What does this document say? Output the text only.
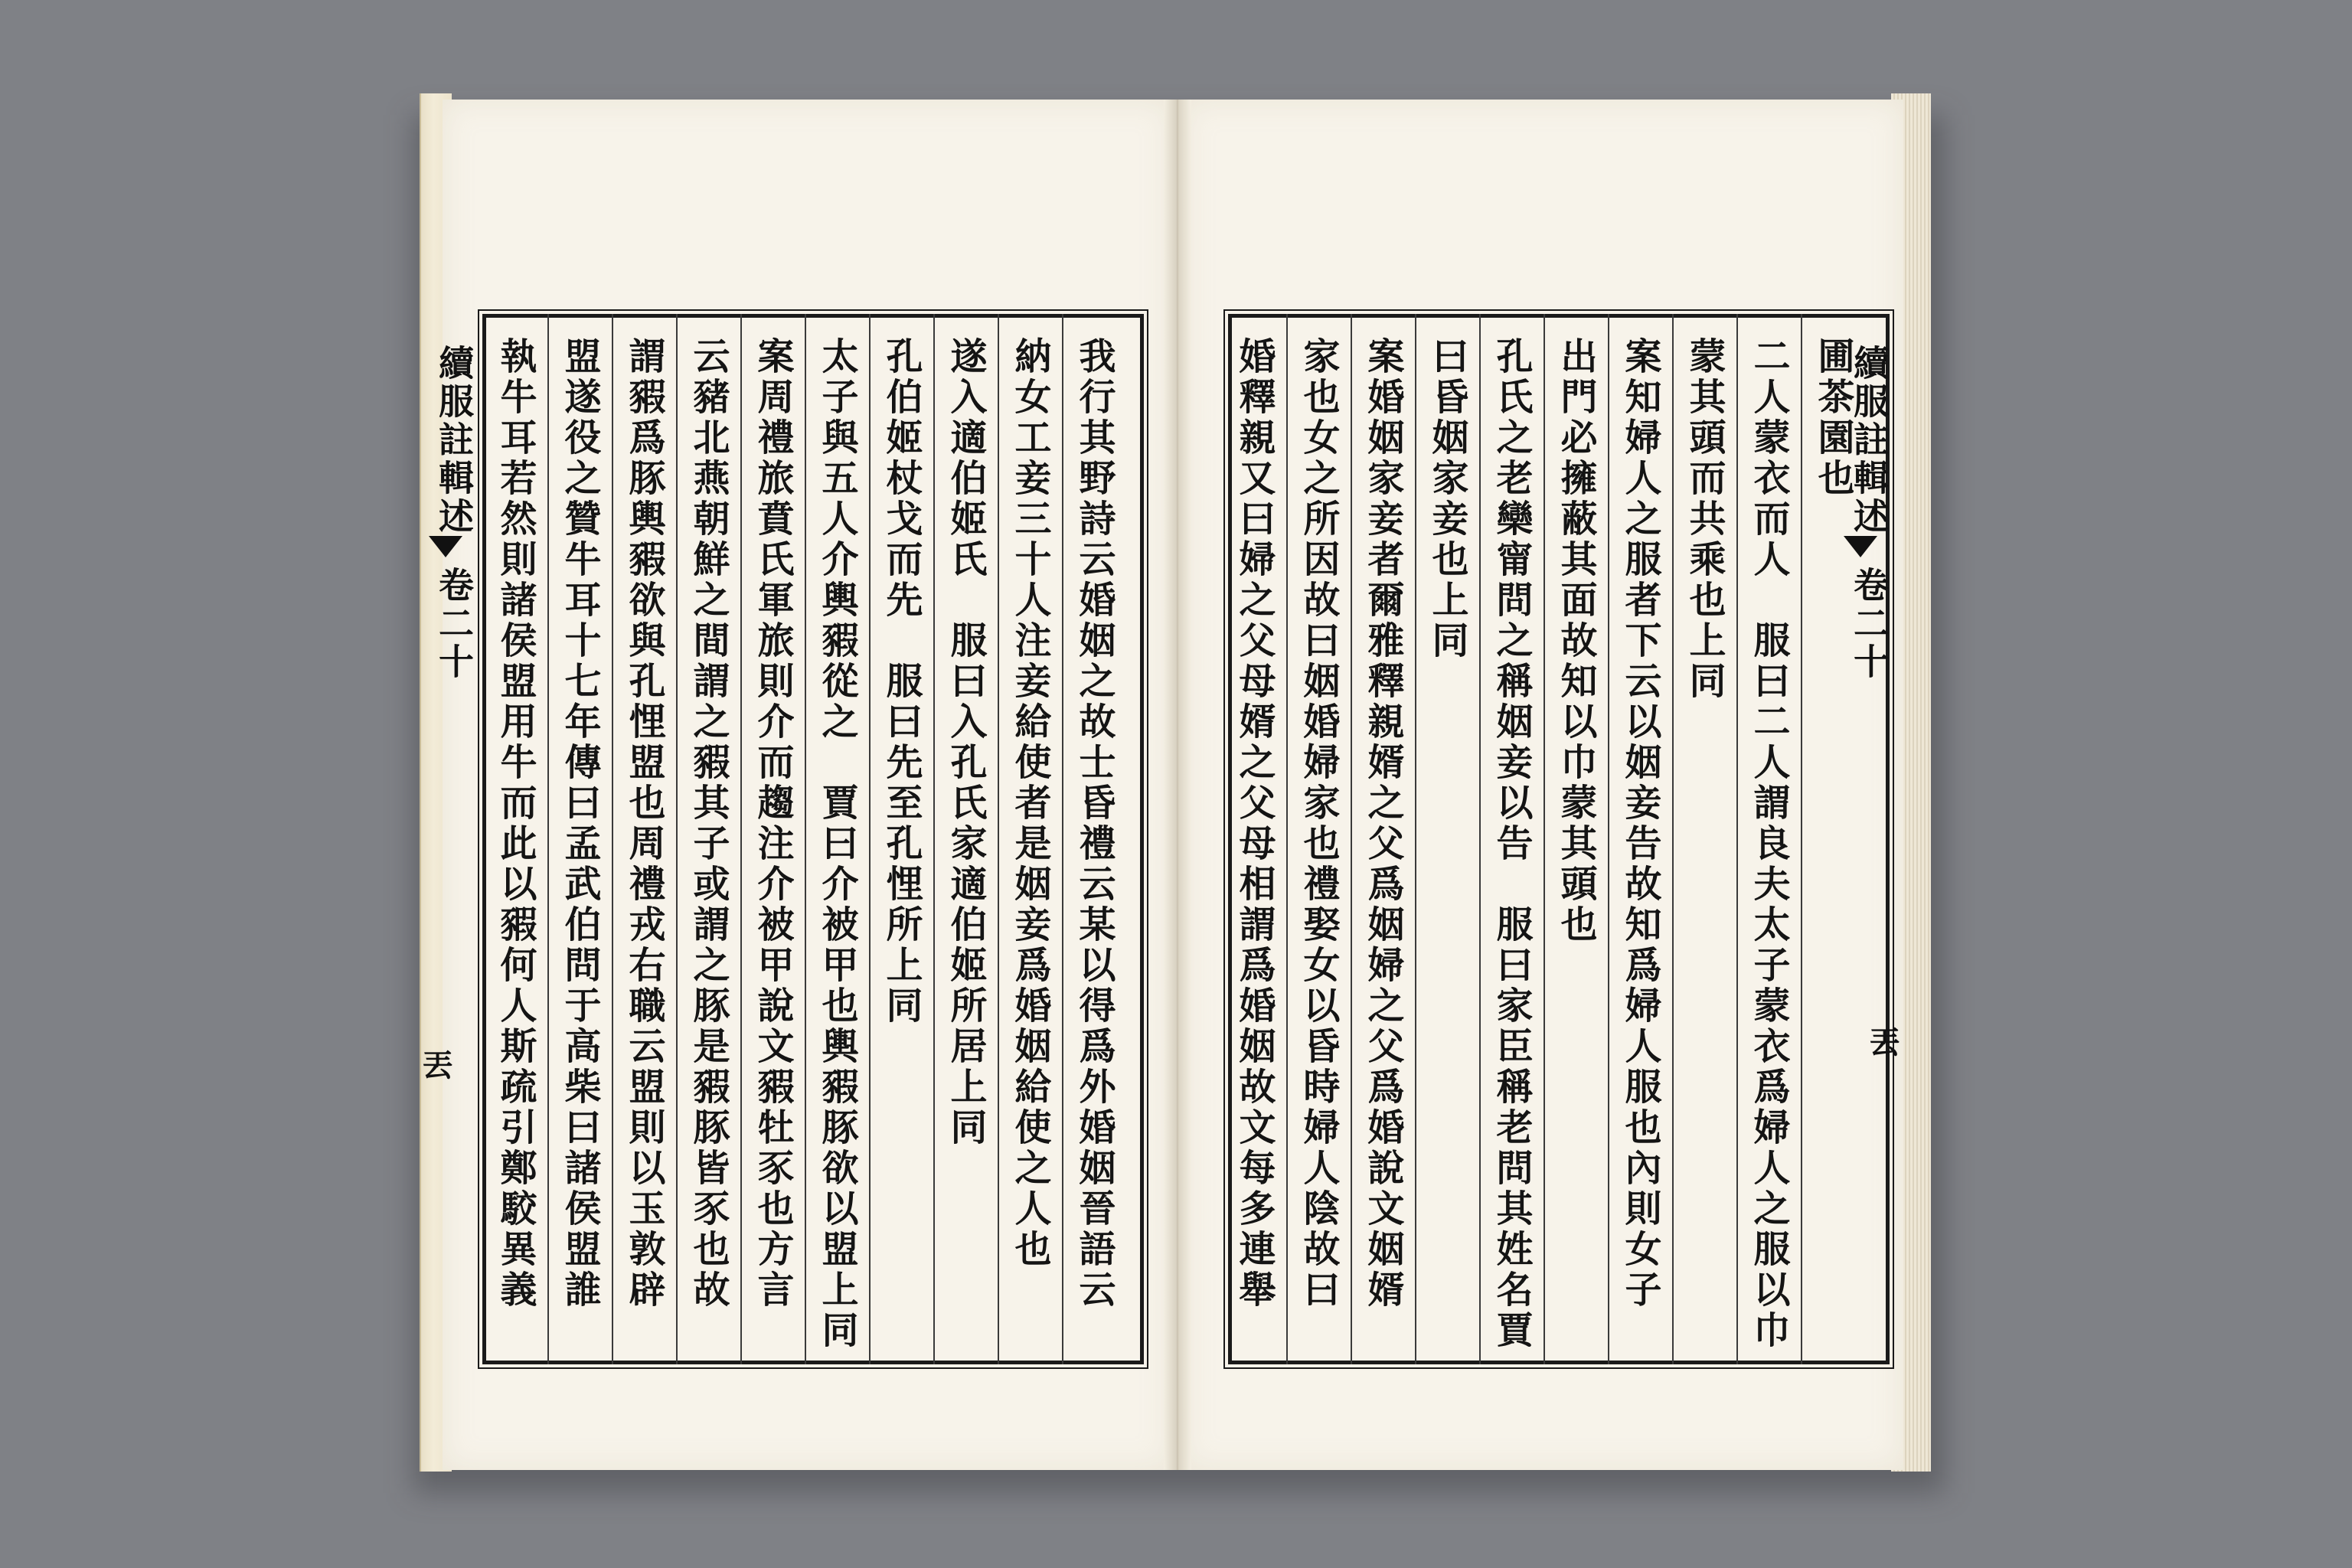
續服註輯述
卷二十
丟	我行其野詩云婚姻之故士昏禮云某以得爲外婚姻晉語云
納女工妾三十人注妾給使者是姻妾爲婚姻給使之人也
遂入適伯姬氏　服曰入孔氏家適伯姬所居上同
孔伯姬杖戈而先　服曰先至孔悝所上同
太子與五人介輿豭從之　賈曰介被甲也輿豭豚欲以盟上同
案周禮旅賁氏軍旅則介而趨注介被甲說文豭牡豕也方言
云豬北燕朝鮮之間謂之豭其子或謂之豚是豭豚皆豕也故
謂豭爲豚輿豭欲與孔悝盟也周禮戎右職云盟則以玉敦辟
盟遂役之贊牛耳十七年傳曰孟武伯問于高柴曰諸侯盟誰
執牛耳若然則諸侯盟用牛而此以豭何人斯疏引鄭駮異義	續服註輯述
卷二十
丟
圃茶園也
二人蒙衣而人　服曰二人謂良夫太子蒙衣爲婦人之服以巾
蒙其頭而共乘也上同
案知婦人之服者下云以姻妾告故知爲婦人服也內則女子
出門必擁蔽其面故知以巾蒙其頭也
孔氏之老欒甯問之稱姻妾以告　服曰家臣稱老問其姓名賈
曰昏姻家妾也上同
案婚姻家妾者爾雅釋親婿之父爲姻婦之父爲婚說文姻婿
家也女之所因故曰姻婚婦家也禮娶女以昏時婦人陰故曰
婚釋親又曰婦之父母婿之父母相謂爲婚姻故文每多連舉
